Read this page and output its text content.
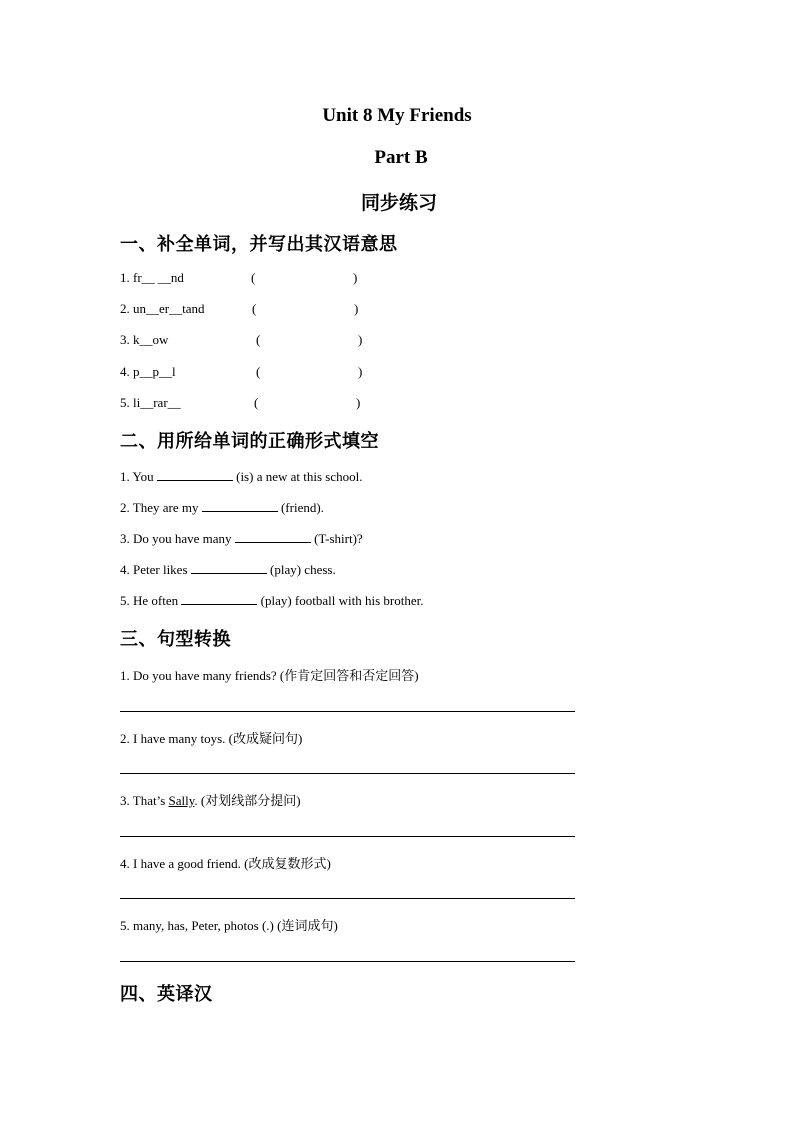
Unit 8 My Friends
Part B
同步练习
一、补全单词，并写出其汉语意思
1. fr__ __nd	(	)
2. un__er__tand	(	)
3. k__ow	(	)
4. p__p__l	(	)
5. li__rar__	(	)
二、用所给单词的正确形式填空
1. You	(is) a new at this school.
2. They are my	(friend).
3. Do you have many	(T-shirt)?
4. Peter likes	(play) chess.
5. He often	(play) football with his brother.
三、句型转换
1. Do you have many friends? (作肯定回答和否定回答)
2. I have many toys. (改成疑问句)
3. That’s Sally. (对划线部分提问)
4. I have a good friend. (改成复数形式)
5. many, has, Peter, photos (.) (连词成句)
四、英译汉
